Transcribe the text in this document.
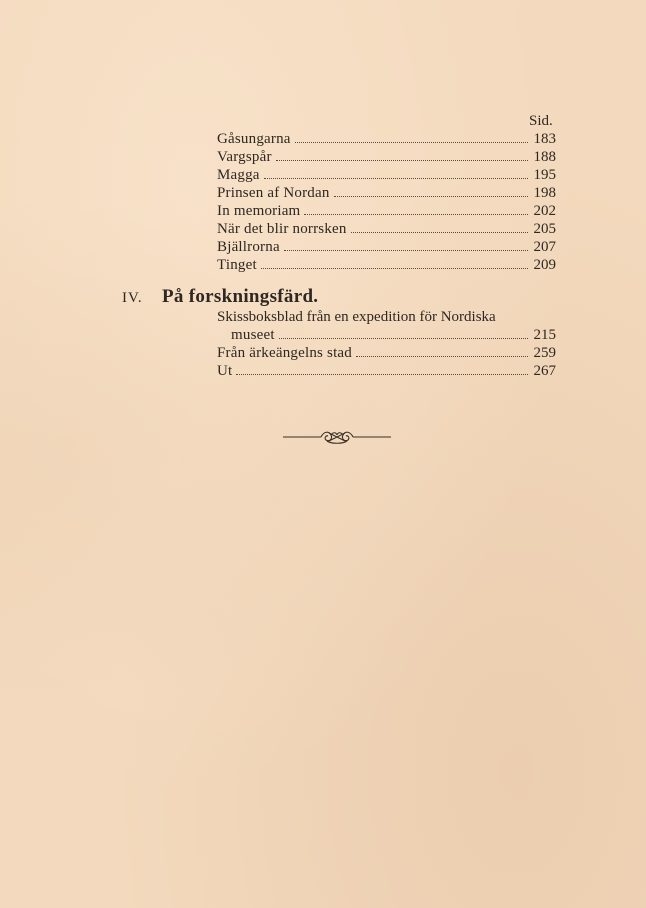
Sid.
Gåsungarna	183
Vargspår	188
Magga	195
Prinsen af Nordan	198
In memoriam	202
När det blir norrsken	205
Bjällrorna	207
Tinget	209
IV.	På forskningsfärd.
Skissboksblad från en expedition för Nordiska
museet	215
Från ärkeängelns stad	259
Ut	267
